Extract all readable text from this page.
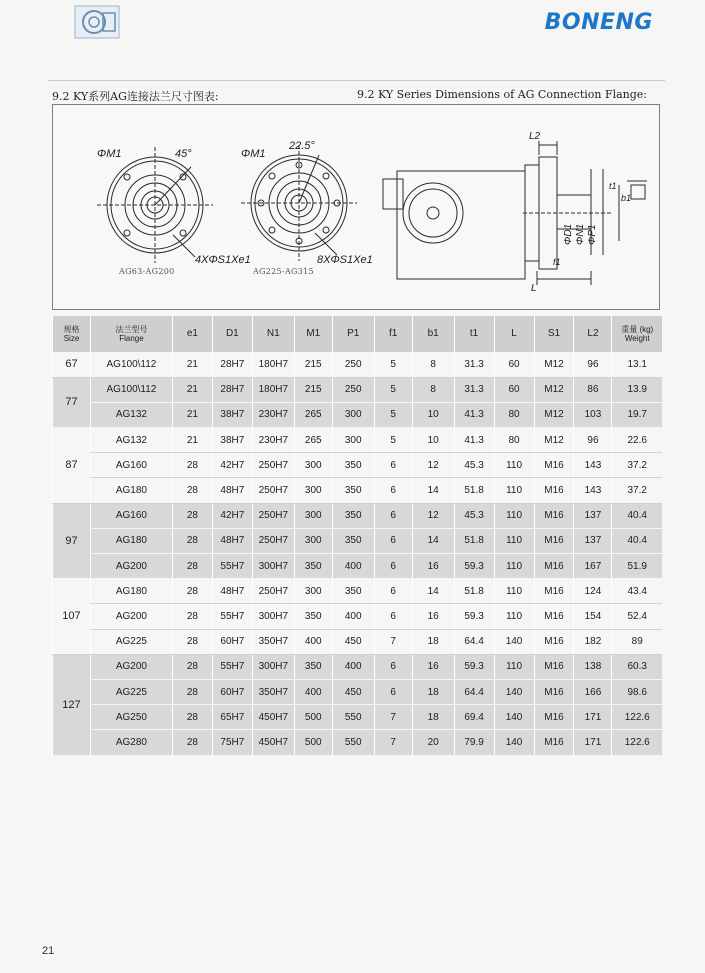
BONENG
9.2 KY系列AG连接法兰尺寸图表:	9.2 KY Series Dimensions of AG Connection Flange:
ΦM1	45°
4XΦS1Xe1
ΦM1
22.5°
8XΦS1Xe1
L2
ΦD1 ΦN1 ΦP1
t1
b1
f1
L
AG63-AG200	AG225-AG315
规格
Size	法兰型号
Flange	e1	D1	N1	M1	P1	f1	b1	t1	L	S1	L2	重量 (kg)
Weight

67	AG100\112	21	28H7	180H7	215	250	5	8	31.3	60	M12	96	13.1
77	AG100\112	21	28H7	180H7	215	250	5	8	31.3	60	M12	86	13.9
	AG132	21	38H7	230H7	265	300	5	10	41.3	80	M12	103	19.7
87	AG132	21	38H7	230H7	265	300	5	10	41.3	80	M12	96	22.6
	AG160	28	42H7	250H7	300	350	6	12	45.3	110	M16	143	37.2
	AG180	28	48H7	250H7	300	350	6	14	51.8	110	M16	143	37.2
97	AG160	28	42H7	250H7	300	350	6	12	45.3	110	M16	137	40.4
	AG180	28	48H7	250H7	300	350	6	14	51.8	110	M16	137	40.4
	AG200	28	55H7	300H7	350	400	6	16	59.3	110	M16	167	51.9
107	AG180	28	48H7	250H7	300	350	6	14	51.8	110	M16	124	43.4
	AG200	28	55H7	300H7	350	400	6	16	59.3	110	M16	154	52.4
	AG225	28	60H7	350H7	400	450	7	18	64.4	140	M16	182	89
127	AG200	28	55H7	300H7	350	400	6	16	59.3	110	M16	138	60.3
	AG225	28	60H7	350H7	400	450	6	18	64.4	140	M16	166	98.6
	AG250	28	65H7	450H7	500	550	7	18	69.4	140	M16	171	122.6
	AG280	28	75H7	450H7	500	550	7	20	79.9	140	M16	171	122.6
21
